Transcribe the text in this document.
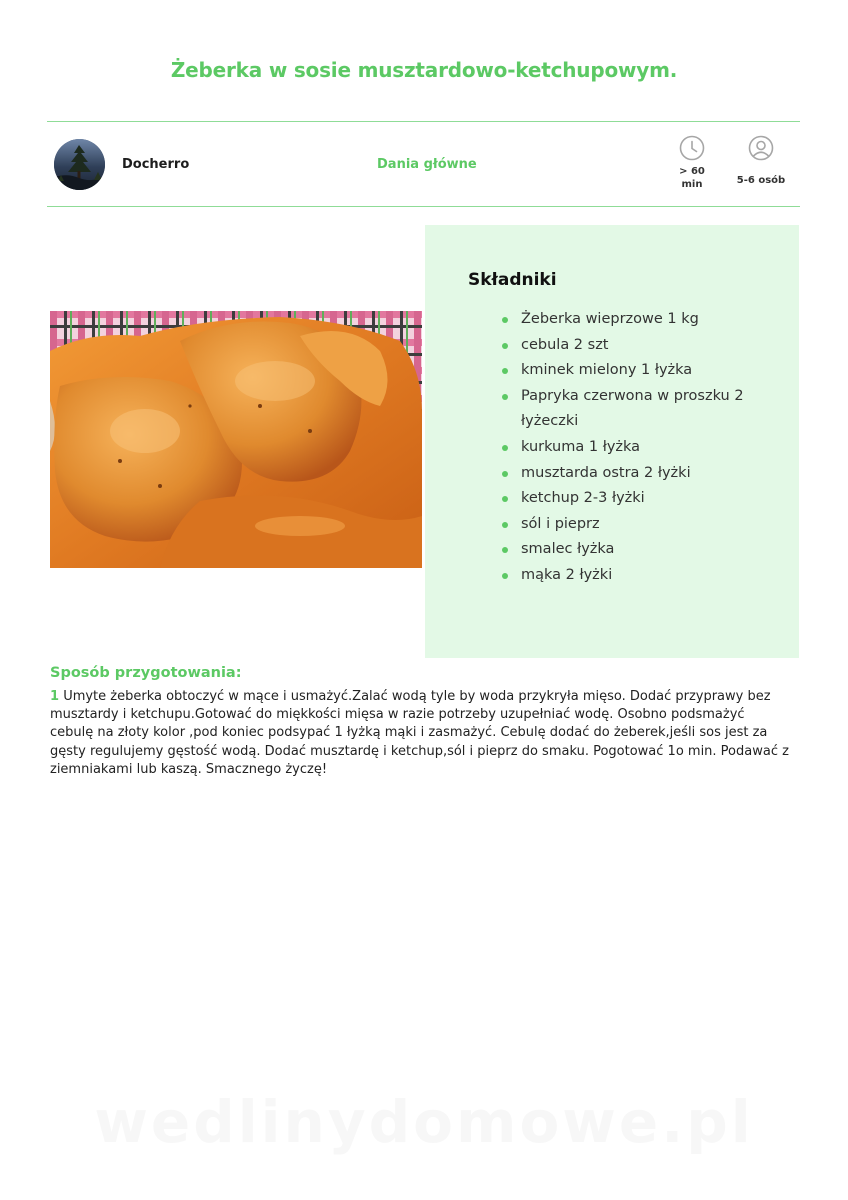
Żeberka w sosie musztardowo-ketchupowym.
Docherro	Dania główne	> 60
min	5-6 osób
Składniki
Żeberka wieprzowe 1 kg
cebula 2 szt
kminek mielony 1 łyżka
Papryka czerwona w proszku 2 łyżeczki
kurkuma 1 łyżka
musztarda ostra 2 łyżki
ketchup 2-3 łyżki
sól i pieprz
smalec łyżka
mąka 2 łyżki
Sposób przygotowania:
1 Umyte żeberka obtoczyć w mące i usmażyć.Zalać wodą tyle by woda przykryła mięso. Dodać przyprawy bez musztardy i ketchupu.Gotować do miękkości mięsa w razie potrzeby uzupełniać wodę. Osobno podsmażyć cebulę na złoty kolor ,pod koniec podsypać 1 łyżką mąki i zasmażyć. Cebulę dodać do żeberek,jeśli sos jest za gęsty regulujemy gęstość wodą. Dodać musztardę i ketchup,sól i pieprz do smaku. Pogotować 1o min. Podawać z ziemniakami lub kaszą. Smacznego życzę!
wedlinydomowe.pl
